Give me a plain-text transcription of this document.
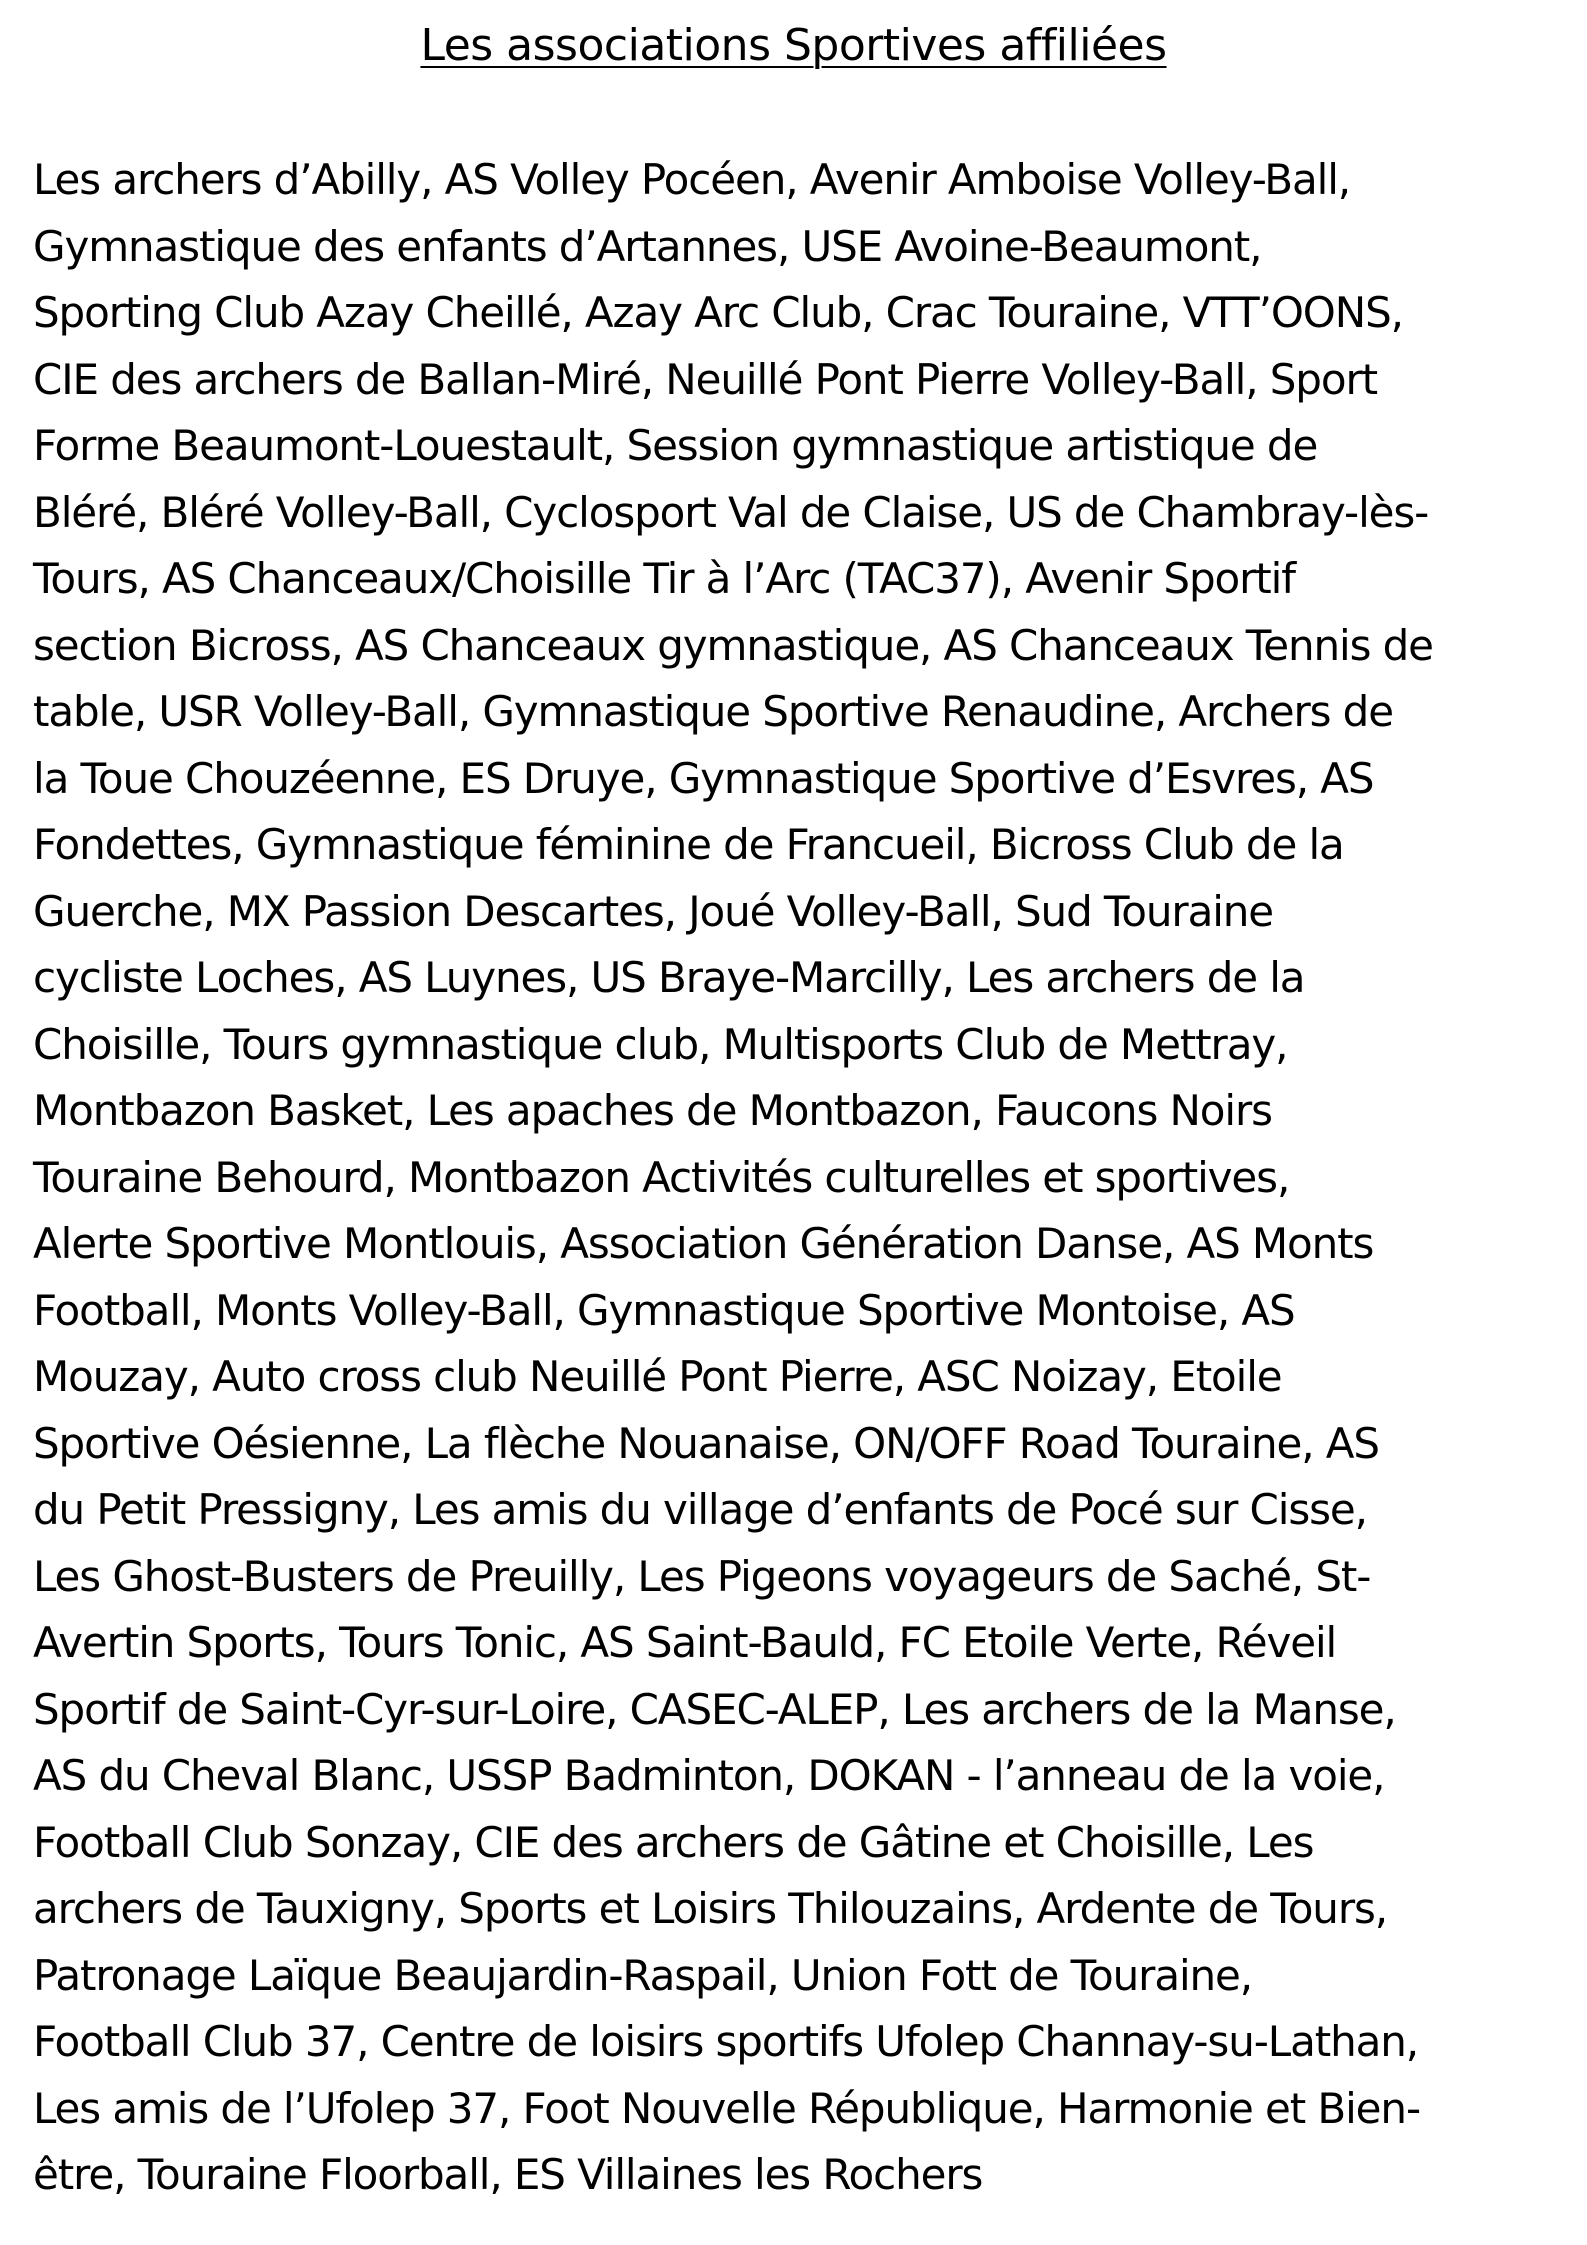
Les associations Sportives affiliées
Les archers d’Abilly, AS Volley Pocéen, Avenir Amboise Volley-Ball,
Gymnastique des enfants d’Artannes, USE Avoine-Beaumont,
Sporting Club Azay Cheillé, Azay Arc Club, Crac Touraine, VTT’OONS,
CIE des archers de Ballan-Miré, Neuillé Pont Pierre Volley-Ball, Sport
Forme Beaumont-Louestault, Session gymnastique artistique de
Bléré, Bléré Volley-Ball, Cyclosport Val de Claise, US de Chambray-lès-
Tours, AS Chanceaux/Choisille Tir à l’Arc (TAC37), Avenir Sportif
section Bicross, AS Chanceaux gymnastique, AS Chanceaux Tennis de
table, USR Volley-Ball, Gymnastique Sportive Renaudine, Archers de
la Toue Chouzéenne, ES Druye, Gymnastique Sportive d’Esvres, AS
Fondettes, Gymnastique féminine de Francueil, Bicross Club de la
Guerche, MX Passion Descartes, Joué Volley-Ball, Sud Touraine
cycliste Loches, AS Luynes, US Braye-Marcilly, Les archers de la
Choisille, Tours gymnastique club, Multisports Club de Mettray,
Montbazon Basket, Les apaches de Montbazon, Faucons Noirs
Touraine Behourd, Montbazon Activités culturelles et sportives,
Alerte Sportive Montlouis, Association Génération Danse, AS Monts
Football, Monts Volley-Ball, Gymnastique Sportive Montoise, AS
Mouzay, Auto cross club Neuillé Pont Pierre, ASC Noizay, Etoile
Sportive Oésienne, La flèche Nouanaise, ON/OFF Road Touraine, AS
du Petit Pressigny, Les amis du village d’enfants de Pocé sur Cisse,
Les Ghost-Busters de Preuilly, Les Pigeons voyageurs de Saché, St-
Avertin Sports, Tours Tonic, AS Saint-Bauld, FC Etoile Verte, Réveil
Sportif de Saint-Cyr-sur-Loire, CASEC-ALEP, Les archers de la Manse,
AS du Cheval Blanc, USSP Badminton, DOKAN - l’anneau de la voie,
Football Club Sonzay, CIE des archers de Gâtine et Choisille, Les
archers de Tauxigny, Sports et Loisirs Thilouzains, Ardente de Tours,
Patronage Laïque Beaujardin-Raspail, Union Fott de Touraine,
Football Club 37, Centre de loisirs sportifs Ufolep Channay-su-Lathan,
Les amis de l’Ufolep 37, Foot Nouvelle République, Harmonie et Bien-
être, Touraine Floorball, ES Villaines les Rochers
